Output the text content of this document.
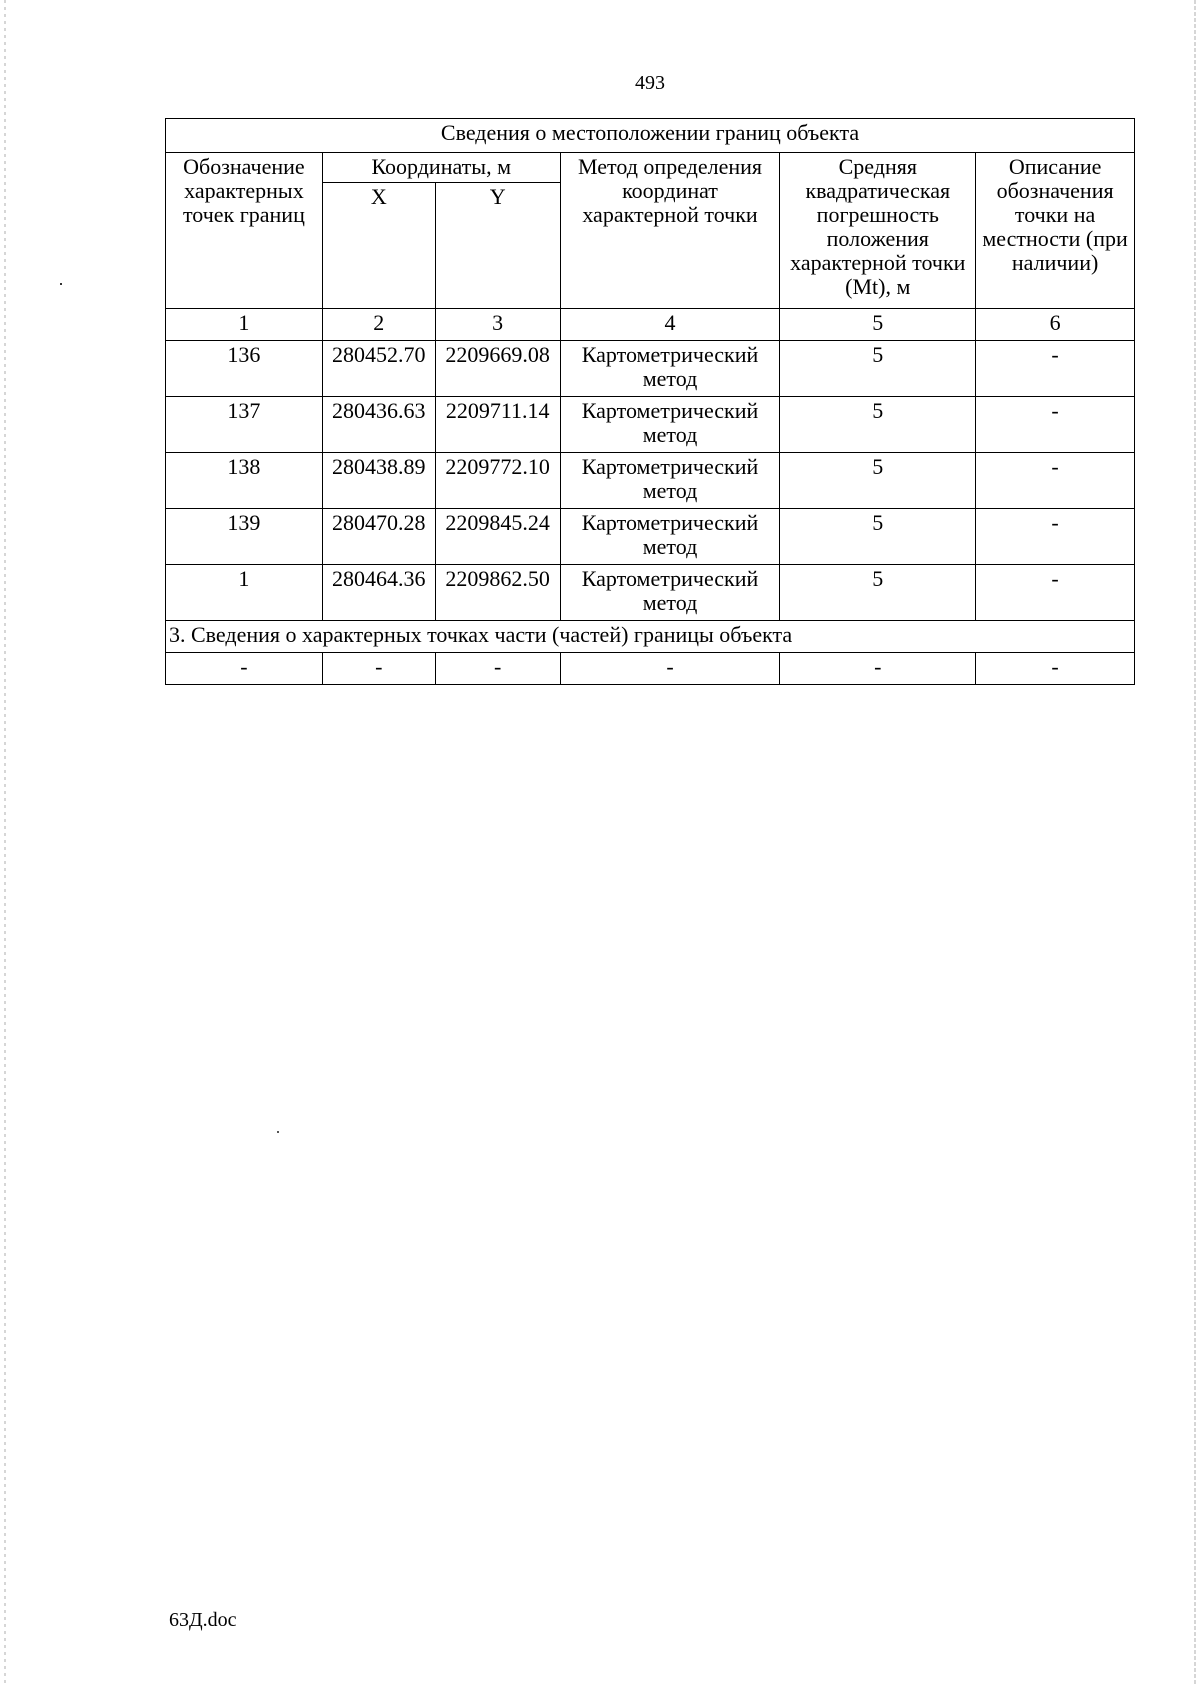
493
Сведения о местоположении границ объекта					
Обозначение характерных точек границ	Координаты, м		Метод определения координат характерной точки	Средняя квадратическая погрешность положения характерной точки (Mt), м	Описание обозначения точки на местности (при наличии)
	X	Y			
1	2	3	4	5	6
136	280452.70	2209669.08	Картометрический метод	5	-
137	280436.63	2209711.14	Картометрический метод	5	-
138	280438.89	2209772.10	Картометрический метод	5	-
139	280470.28	2209845.24	Картометрический метод	5	-
1	280464.36	2209862.50	Картометрический метод	5	-
3. Сведения о характерных точках части (частей) границы объекта					
-	-	-	-	-	-
63Д.doc
